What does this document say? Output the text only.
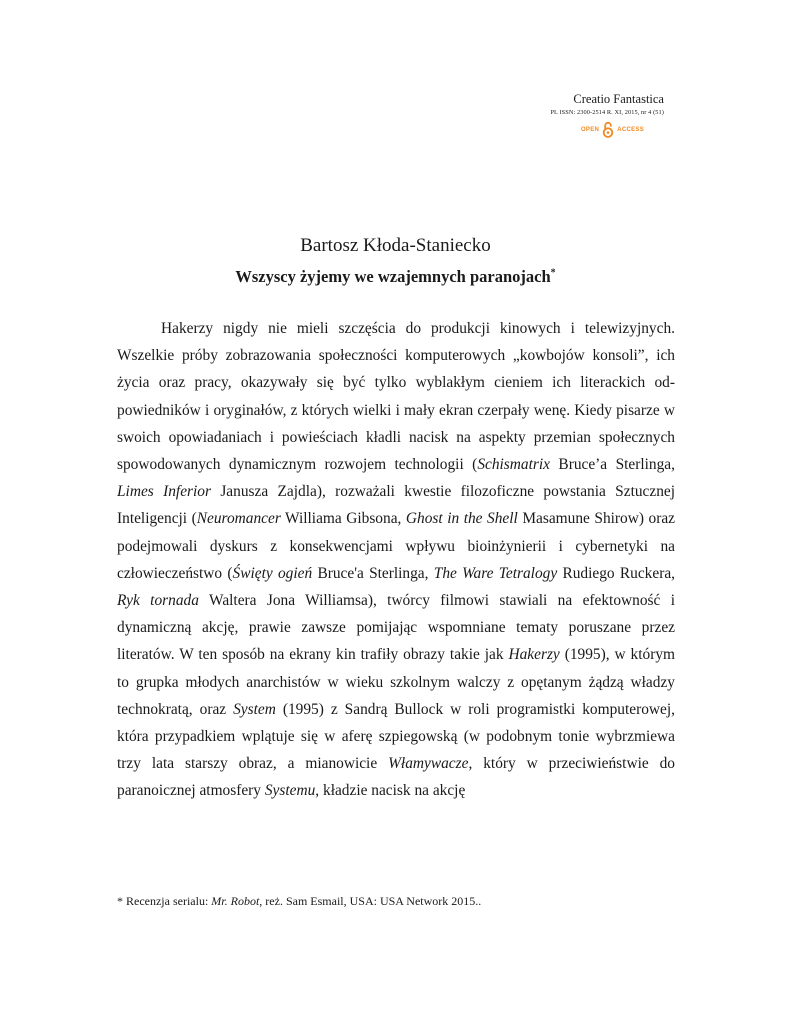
Creatio Fantastica
PL ISSN: 2300-2514 R. XI, 2015, nr 4 (51)
OPEN	ACCESS
Bartosz Kłoda-Staniecko
Wszyscy żyjemy we wzajemnych paranojach*

Hakerzy nigdy nie mieli szczęścia do produkcji kinowych i telewizyjnych. Wszelkie próby zobrazowania społeczności komputerowych „kowbojów konsoli”, ich życia oraz pracy, okazywały się być tylko wyblakłym cieniem ich literackich odpowiedników i oryginałów, z których wielki i mały ekran czerpały wenę. Kiedy pisarze w swoich opowiadaniach i powieściach kładli nacisk na aspekty przemian społecznych spowodowanych dynamicznym rozwojem technologii (Schismatrix Bruce’a Sterlinga, Limes Inferior Janusza Zajdla), rozważali kwestie filozoficzne powstania Sztucznej Inteligencji (Neuromancer Williama Gibsona, Ghost in the Shell Masamune Shirow) oraz podejmowali dyskurs z konsekwencjami wpływu bioinżynierii i cybernetyki na człowieczeństwo (Święty ogień Bruce'a Sterlinga, The Ware Tetralogy Rudiego Ruckera, Ryk tornada Waltera Jona Williamsa), twórcy filmowi stawiali na efektowność i dynamiczną akcję, prawie zawsze pomijając wspomniane tematy poruszane przez literatów. W ten sposób na ekrany kin trafiły obrazy takie jak Hakerzy (1995), w którym to grupka młodych anarchistów w wieku szkolnym walczy z opętanym żądzą władzy technokratą, oraz System (1995) z Sandrą Bullock w roli programistki komputerowej, która przypadkiem wplątuje się w aferę szpiegowską (w podobnym tonie wybrzmiewa trzy lata starszy obraz, a mianowicie Włamywacze, który w przeciwieństwie do paranoicznej atmosfery Systemu, kładzie nacisk na akcję

* Recenzja serialu: Mr. Robot, reż. Sam Esmail, USA: USA Network 2015..
